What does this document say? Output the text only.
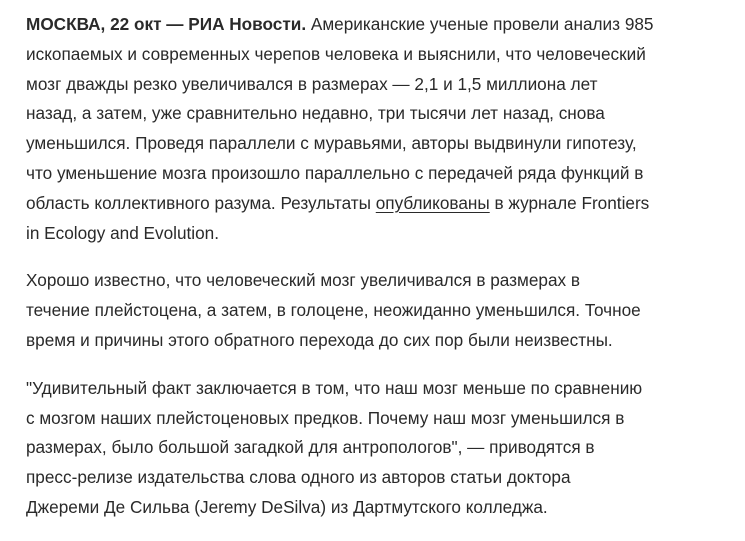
МОСКВА, 22 окт — РИА Новости. Американские ученые провели анализ 985
ископаемых и современных черепов человека и выяснили, что человеческий
мозг дважды резко увеличивался в размерах — 2,1 и 1,5 миллиона лет
назад, а затем, уже сравнительно недавно, три тысячи лет назад, снова
уменьшился. Проведя параллели с муравьями, авторы выдвинули гипотезу,
что уменьшение мозга произошло параллельно с передачей ряда функций в
область коллективного разума. Результаты опубликованы в журнале Frontiers
in Ecology and Evolution.

Хорошо известно, что человеческий мозг увеличивался в размерах в
течение плейстоцена, а затем, в голоцене, неожиданно уменьшился. Точное
время и причины этого обратного перехода до сих пор были неизвестны.

"Удивительный факт заключается в том, что наш мозг меньше по сравнению
с мозгом наших плейстоценовых предков. Почему наш мозг уменьшился в
размерах, было большой загадкой для антропологов", — приводятся в
пресс-релизе издательства слова одного из авторов статьи доктора
Джереми Де Сильва (Jeremy DeSilva) из Дартмутского колледжа.
